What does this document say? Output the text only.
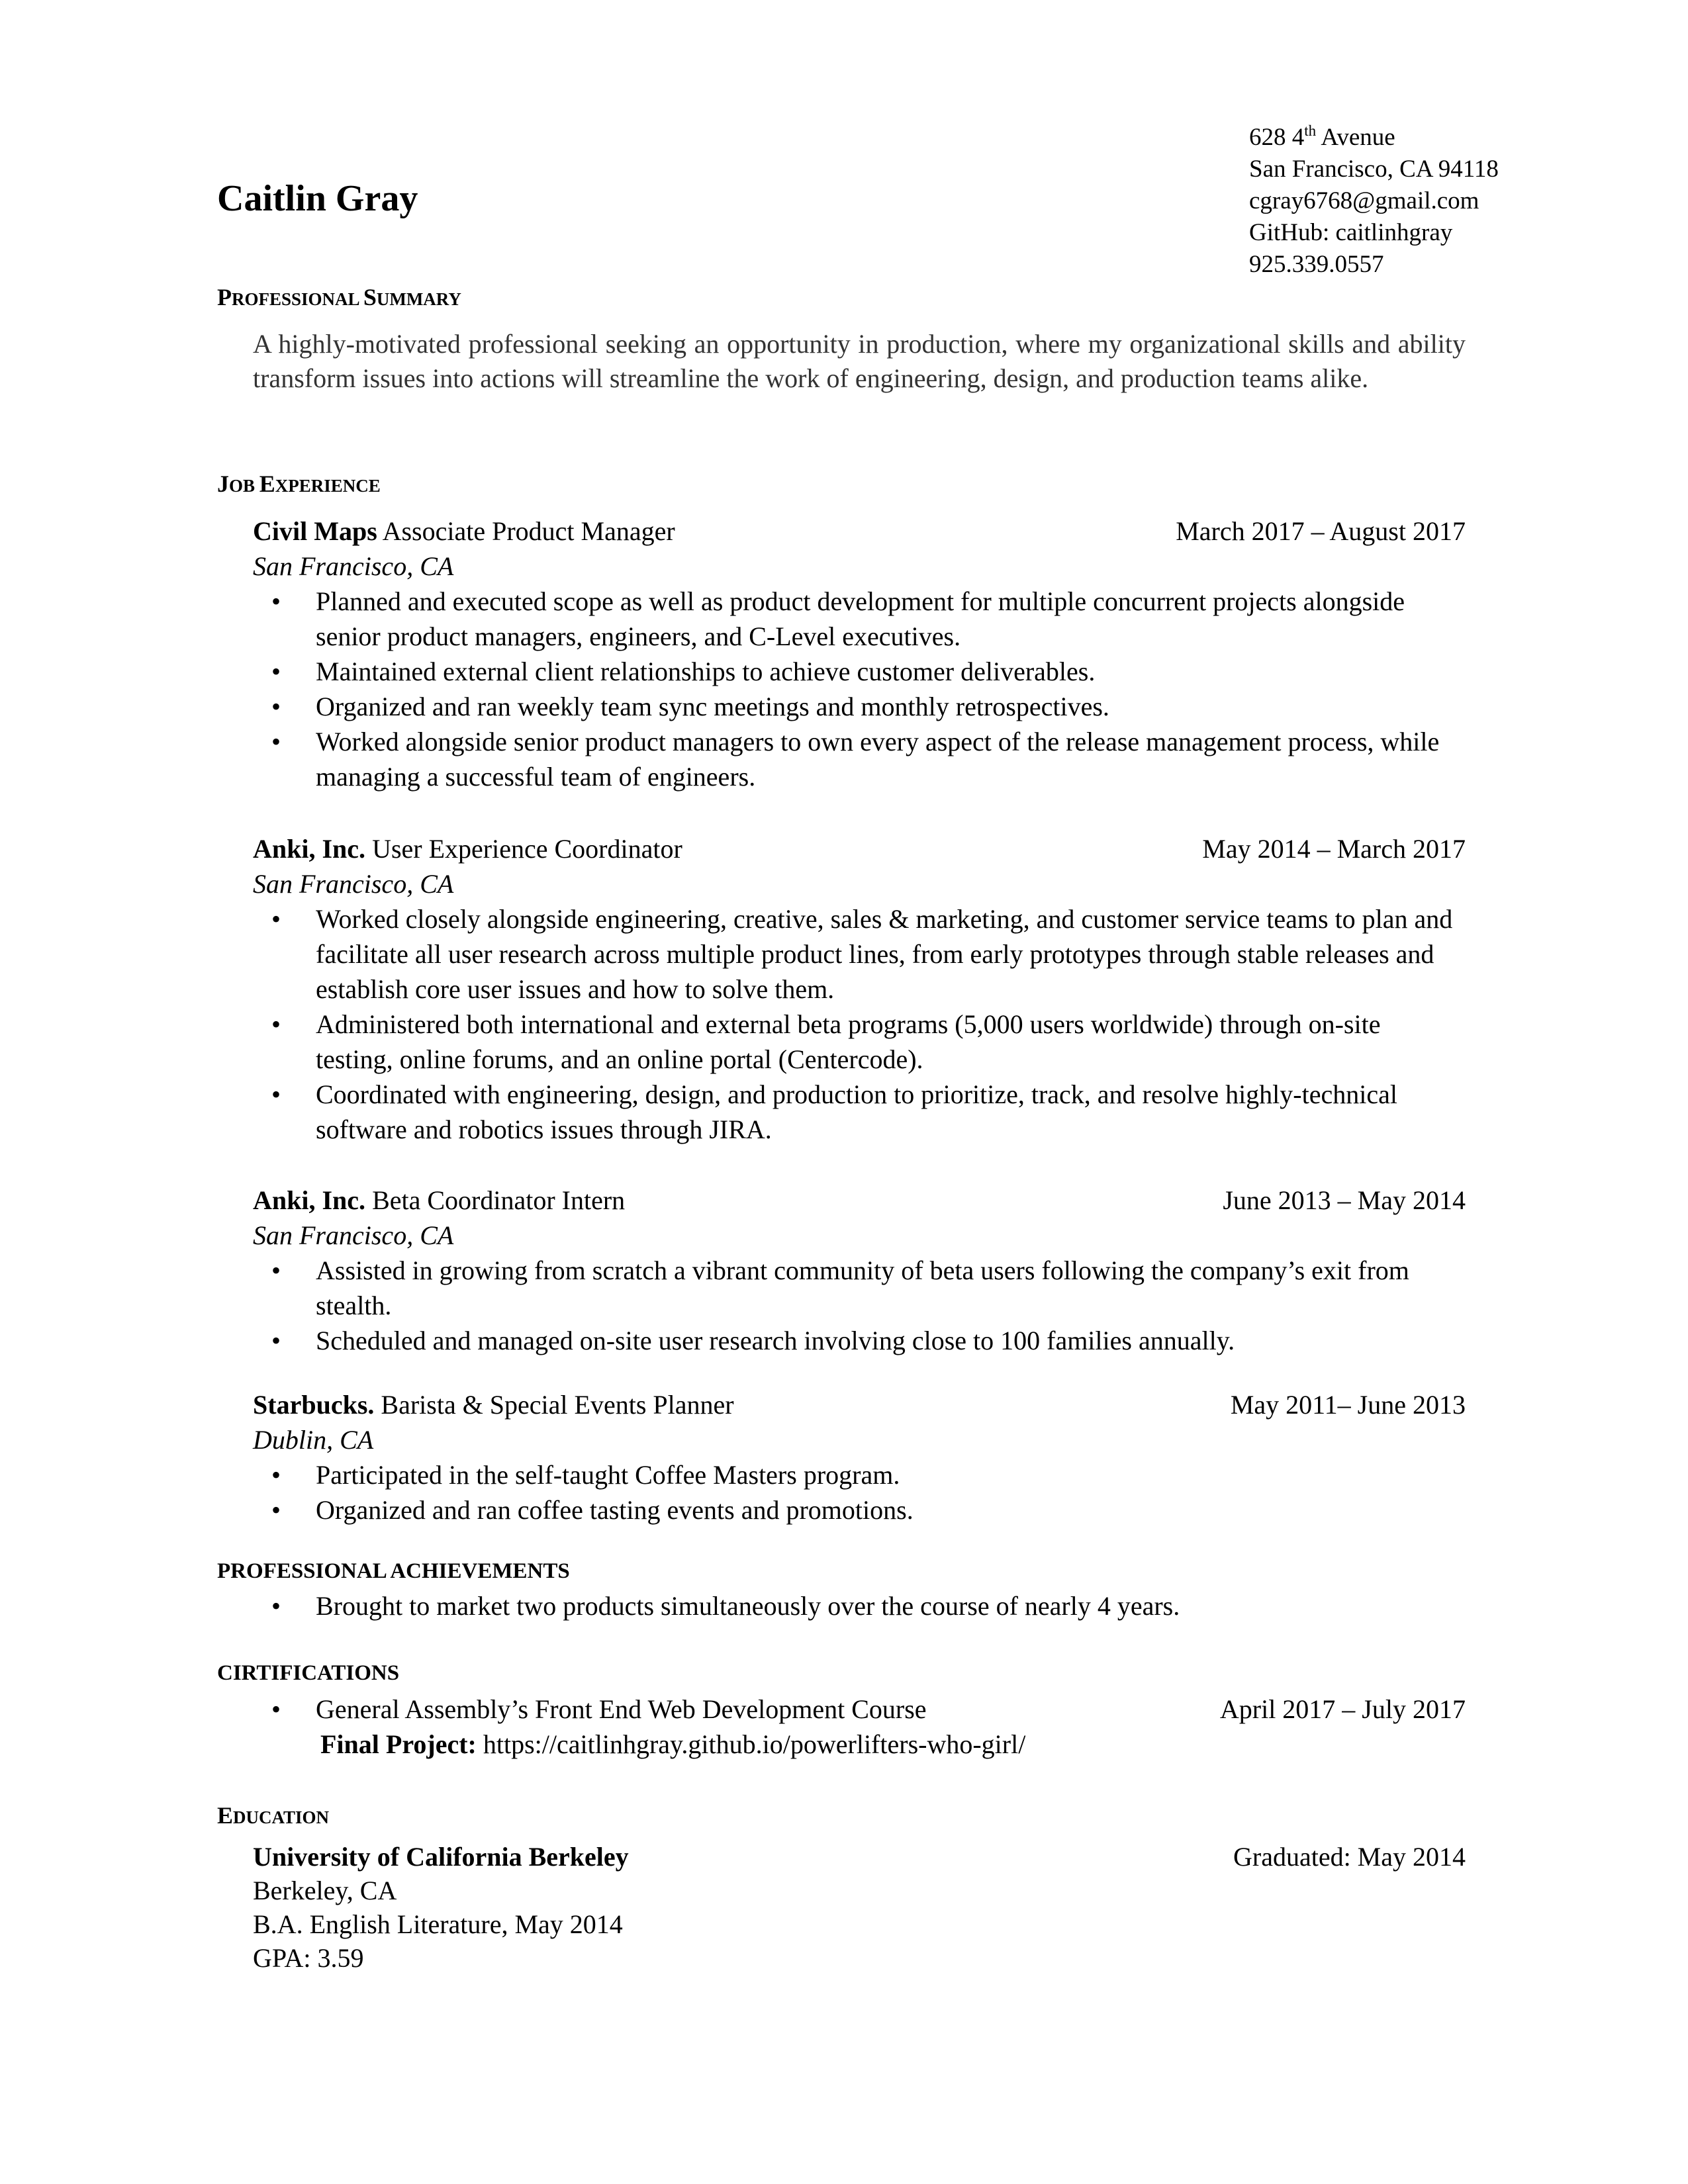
Caitlin Gray
628 4th Avenue
San Francisco, CA 94118
cgray6768@gmail.com
GitHub: caitlinhgray
925.339.0557
PROFESSIONAL SUMMARY
A highly-motivated professional seeking an opportunity in production, where my organizational skills and ability transform issues into actions will streamline the work of engineering, design, and production teams alike.
JOB EXPERIENCE
Civil Maps Associate Product Manager	March 2017 – August 2017
San Francisco, CA
• Planned and executed scope as well as product development for multiple concurrent projects alongside senior product managers, engineers, and C-Level executives.
• Maintained external client relationships to achieve customer deliverables.
• Organized and ran weekly team sync meetings and monthly retrospectives.
• Worked alongside senior product managers to own every aspect of the release management process, while managing a successful team of engineers.
Anki, Inc. User Experience Coordinator	May 2014 – March 2017
San Francisco, CA
• Worked closely alongside engineering, creative, sales & marketing, and customer service teams to plan and facilitate all user research across multiple product lines, from early prototypes through stable releases and establish core user issues and how to solve them.
• Administered both international and external beta programs (5,000 users worldwide) through on-site testing, online forums, and an online portal (Centercode).
• Coordinated with engineering, design, and production to prioritize, track, and resolve highly-technical software and robotics issues through JIRA.
Anki, Inc. Beta Coordinator Intern	June 2013 – May 2014
San Francisco, CA
• Assisted in growing from scratch a vibrant community of beta users following the company’s exit from stealth.
• Scheduled and managed on-site user research involving close to 100 families annually.
Starbucks. Barista & Special Events Planner	May 2011– June 2013
Dublin, CA
• Participated in the self-taught Coffee Masters program.
• Organized and ran coffee tasting events and promotions.
PROFESSIONAL ACHIEVEMENTS
• Brought to market two products simultaneously over the course of nearly 4 years.
CIRTIFICATIONS
• General Assembly’s Front End Web Development Course	April 2017 – July 2017
Final Project: https://caitlinhgray.github.io/powerlifters-who-girl/
EDUCATION
University of California Berkeley	Graduated: May 2014
Berkeley, CA
B.A. English Literature, May 2014
GPA: 3.59
